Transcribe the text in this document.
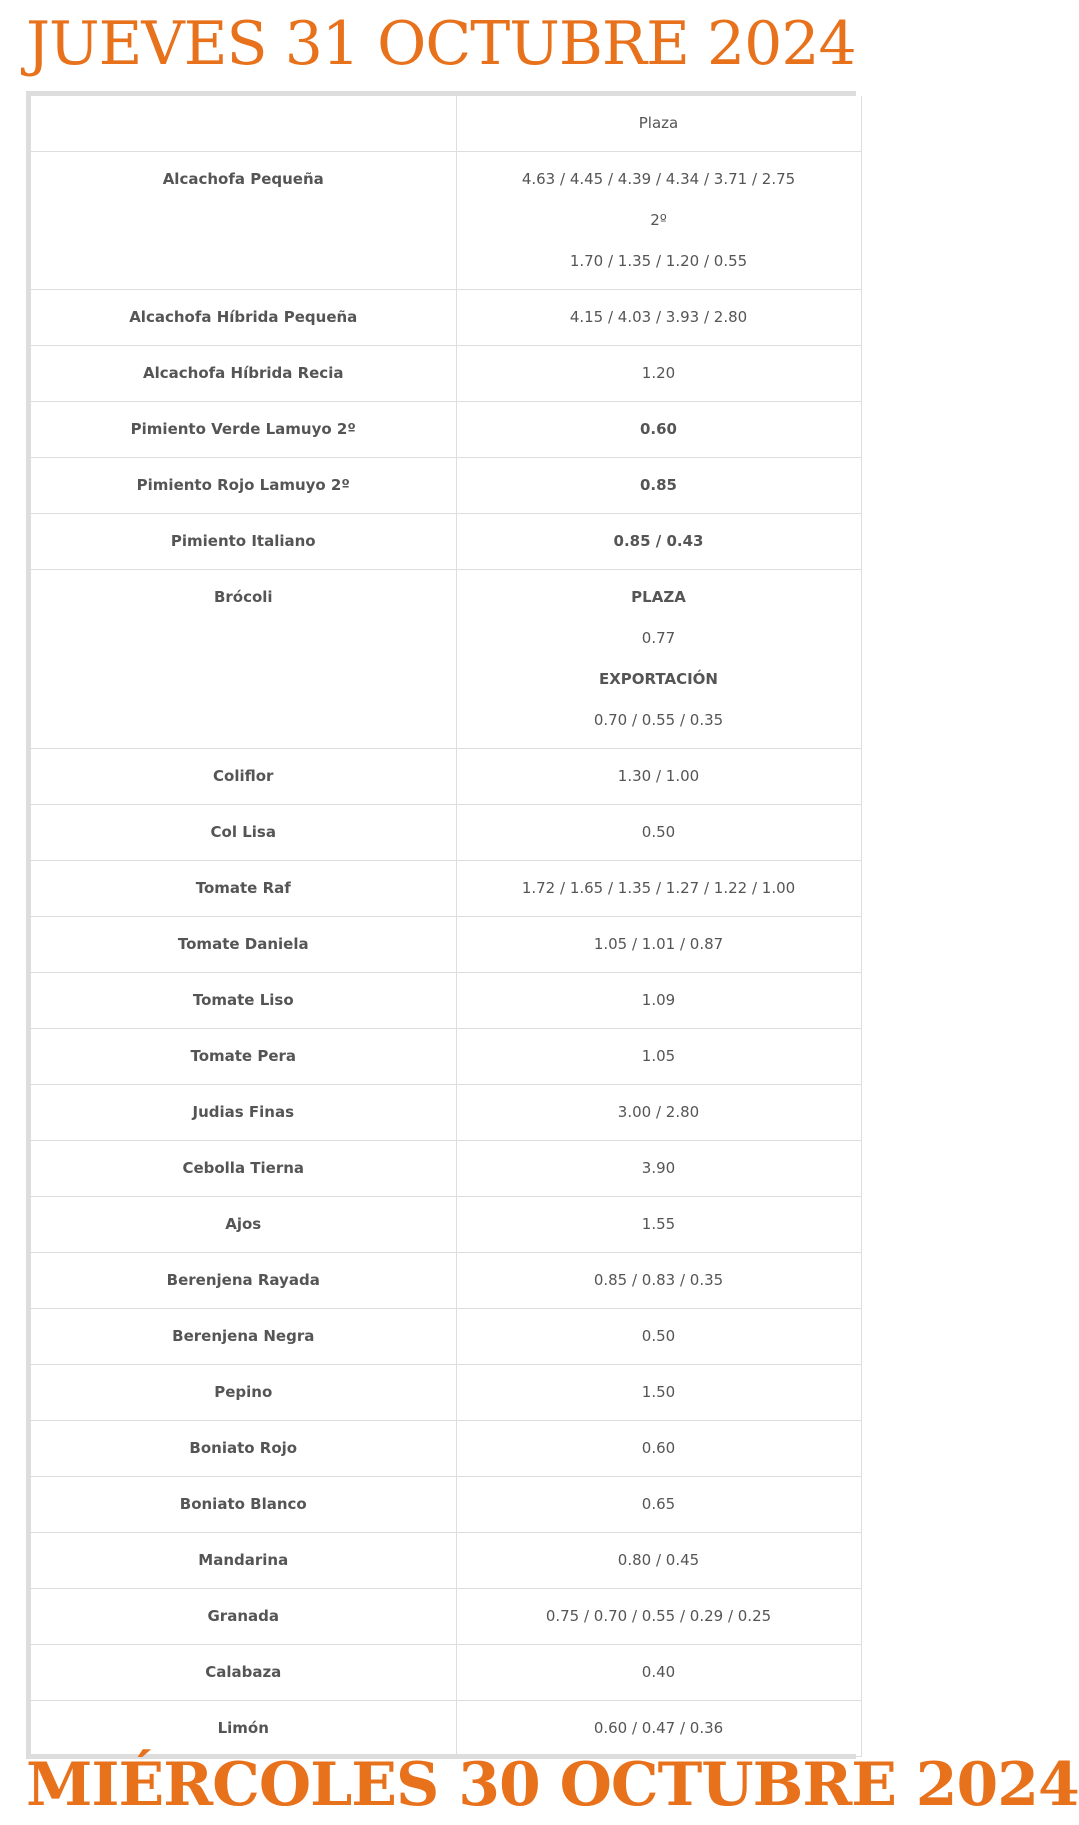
JUEVES 31 OCTUBRE 2024
	Plaza
Alcachofa Pequeña	4.63 / 4.45 / 4.39 / 4.34 / 3.71 / 2.75

2º

1.70 / 1.35 / 1.20 / 0.55

Alcachofa Híbrida Pequeña	4.15 / 4.03 / 3.93 / 2.80

Alcachofa Híbrida Recia	1.20

Pimiento Verde Lamuyo 2º	0.60

Pimiento Rojo Lamuyo 2º	0.85

Pimiento Italiano	0.85 / 0.43

Brócoli	PLAZA

0.77

EXPORTACIÓN

0.70 / 0.55 / 0.35

Coliflor	1.30 / 1.00

Col Lisa	0.50

Tomate Raf	1.72 / 1.65 / 1.35 / 1.27 / 1.22 / 1.00

Tomate Daniela	1.05 / 1.01 / 0.87

Tomate Liso	1.09

Tomate Pera	1.05

Judias Finas	3.00 / 2.80

Cebolla Tierna	3.90

Ajos	1.55

Berenjena Rayada	0.85 / 0.83 / 0.35

Berenjena Negra	0.50

Pepino	1.50

Boniato Rojo	0.60

Boniato Blanco	0.65

Mandarina	0.80 / 0.45

Granada	0.75 / 0.70 / 0.55 / 0.29 / 0.25

Calabaza	0.40

Limón	0.60 / 0.47 / 0.36

MIÉRCOLES 30 OCTUBRE 2024
